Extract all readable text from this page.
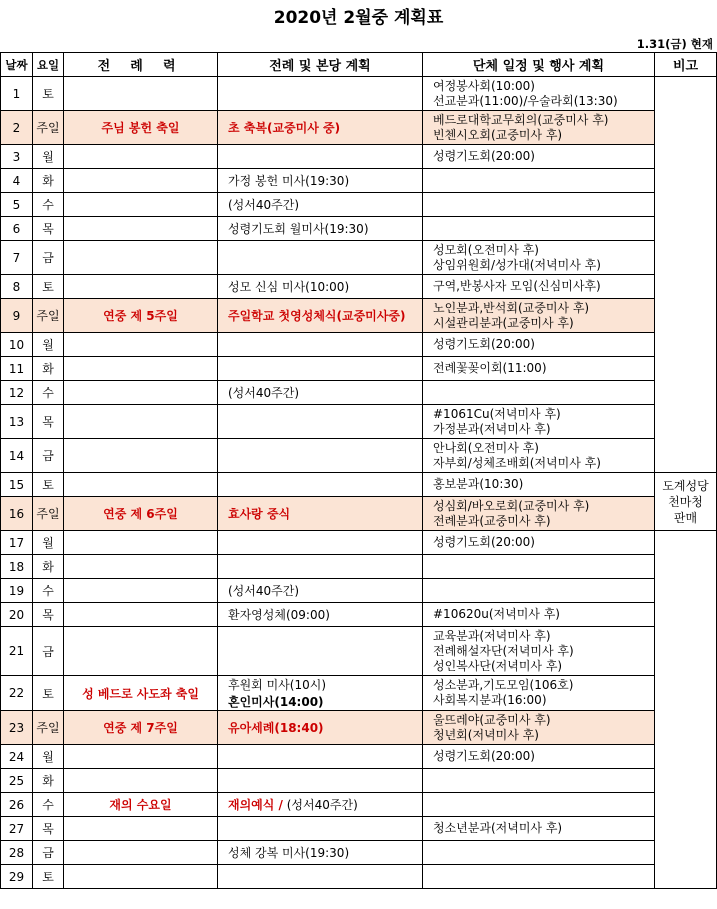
2020년 2월중 계획표
1.31(금) 현재
날짜	요일	전 례 력	전례 및 본당 계획	단체 일정 및 행사 계획	비고
1	토			여정봉사회(10:00)
선교분과(11:00)/우술라회(13:30)	
2	주일	주님 봉헌 축일	초 축복(교중미사 중)	베드로대학교무회의(교중미사 후)
빈첸시오회(교중미사 후)	
3	월			성령기도회(20:00)	
4	화		가정 봉헌 미사(19:30)		
5	수		(성서40주간)		
6	목		성령기도회 월미사(19:30)		
7	금			성모회(오전미사 후)
상임위원회/성가대(저녁미사 후)	
8	토		성모 신심 미사(10:00)	구역,반봉사자 모임(신심미사후)	
9	주일	연중 제 5주일	주일학교 첫영성체식(교중미사중)	노인분과,반석회(교중미사 후)
시설관리분과(교중미사 후)	
10	월			성령기도회(20:00)	
11	화			전례꽃꽂이회(11:00)	
12	수		(성서40주간)		
13	목			#1061Cu(저녁미사 후)
가정분과(저녁미사 후)	
14	금			안나회(오전미사 후)
자부회/성체조배회(저녁미사 후)	
15	토			홍보분과(10:30)	도계성당
천마청
판매
16	주일	연중 제 6주일	효사랑 중식	성심회/바오로회(교중미사 후)
전례분과(교중미사 후)	
17	월			성령기도회(20:00)	
18	화				
19	수		(성서40주간)		
20	목		환자영성체(09:00)	#10620u(저녁미사 후)	
21	금			교육분과(저녁미사 후)
전례해설자단(저녁미사 후)
성인복사단(저녁미사 후)	
22	토	성 베드로 사도좌 축일	후원회 미사(10시)
혼인미사(14:00)	성소분과,기도모임(106호)
사회복지분과(16:00)	
23	주일	연중 제 7주일	유아세례(18:40)	울뜨레야(교중미사 후)
청년회(저녁미사 후)	
24	월			성령기도회(20:00)	
25	화				
26	수	재의 수요일	재의예식 / (성서40주간)		
27	목			청소년분과(저녁미사 후)	
28	금		성체 강복 미사(19:30)		
29	토				
